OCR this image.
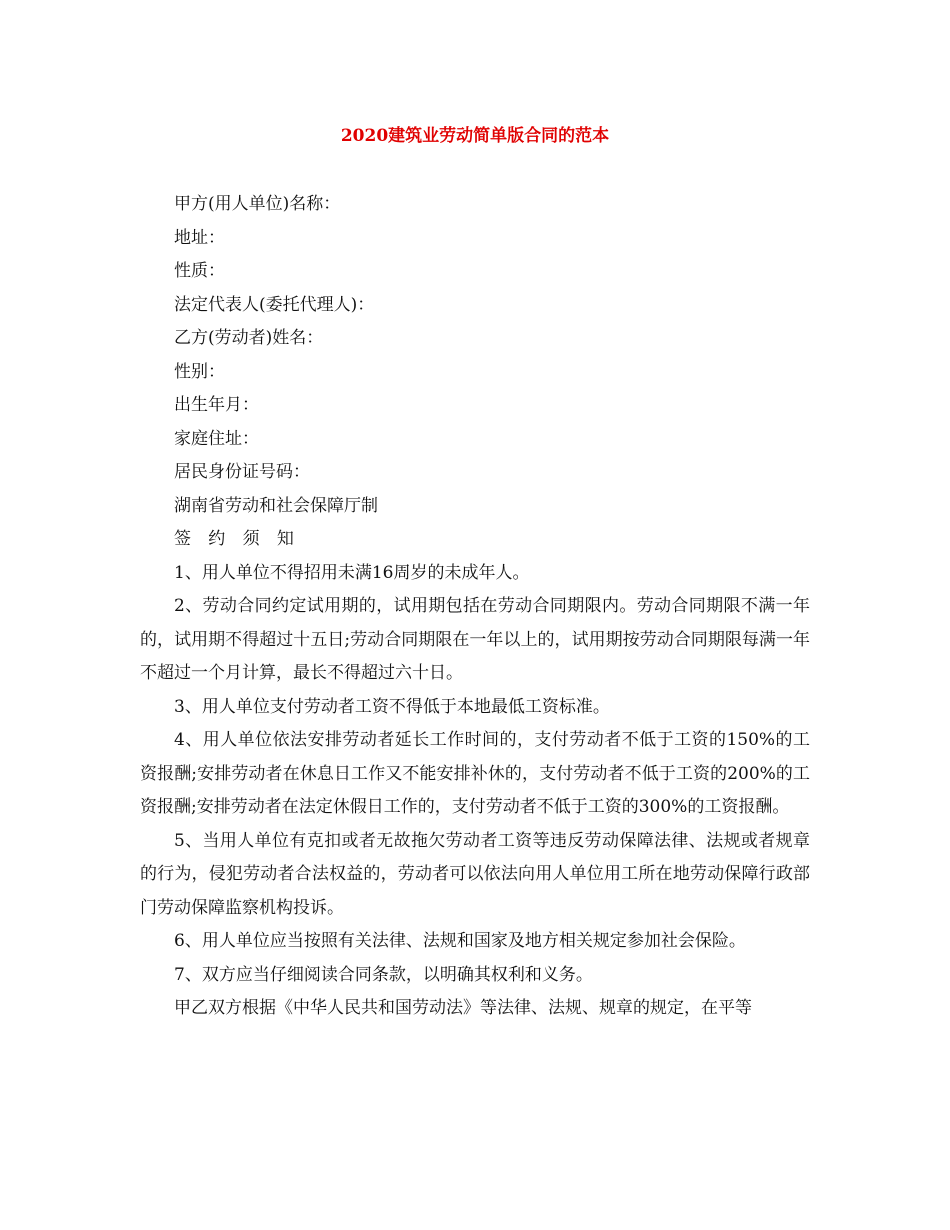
2020建筑业劳动简单版合同的范本

甲方(用人单位)名称：

地址：

性质：

法定代表人(委托代理人)：

乙方(劳动者)姓名：

性别：

出生年月：

家庭住址：

居民身份证号码：

湖南省劳动和社会保障厅制

签 约 须 知

1、用人单位不得招用未满16周岁的未成年人。

2、劳动合同约定试用期的，试用期包括在劳动合同期限内。劳动合同期限不满一年的，试用期不得超过十五日;劳动合同期限在一年以上的，试用期按劳动合同期限每满一年不超过一个月计算，最长不得超过六十日。

3、用人单位支付劳动者工资不得低于本地最低工资标准。

4、用人单位依法安排劳动者延长工作时间的，支付劳动者不低于工资的150%的工资报酬;安排劳动者在休息日工作又不能安排补休的，支付劳动者不低于工资的200%的工资报酬;安排劳动者在法定休假日工作的，支付劳动者不低于工资的300%的工资报酬。

5、当用人单位有克扣或者无故拖欠劳动者工资等违反劳动保障法律、法规或者规章的行为，侵犯劳动者合法权益的，劳动者可以依法向用人单位用工所在地劳动保障行政部门劳动保障监察机构投诉。

6、用人单位应当按照有关法律、法规和国家及地方相关规定参加社会保险。

7、双方应当仔细阅读合同条款，以明确其权利和义务。

甲乙双方根据《中华人民共和国劳动法》等法律、法规、规章的规定，在平等
